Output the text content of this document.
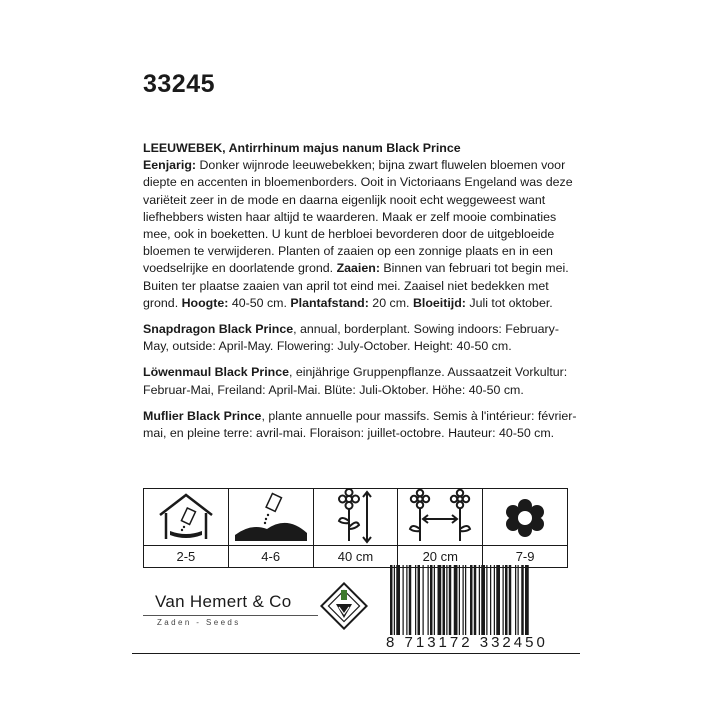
33245

LEEUWEBEK, Antirrhinum majus nanum Black Prince
Eenjarig: Donker wijnrode leeuwebekken; bijna zwart fluwelen bloemen voor diepte en accenten in bloemenborders. Ooit in Victoriaans Engeland was deze variëteit zeer in de mode en daarna eigenlijk nooit echt weggeweest want liefhebbers wisten haar altijd te waarderen. Maak er zelf mooie combinaties mee, ook in boeketten. U kunt de herbloei bevorderen door de uitgebloeide bloemen te verwijderen. Planten of zaaien op een zonnige plaats en in een voedselrijke en doorlatende grond. Zaaien: Binnen van februari tot begin mei. Buiten ter plaatse zaaien van april tot eind mei. Zaaisel niet bedekken met grond. Hoogte: 40-50 cm. Plantafstand: 20 cm. Bloeitijd: Juli tot oktober.

Snapdragon Black Prince, annual, borderplant. Sowing indoors: February-May, outside: April-May. Flowering: July-October. Height: 40-50 cm.

Löwenmaul Black Prince, einjährige Gruppenpflanze. Aussaatzeit Vorkultur: Februar-Mai, Freiland: April-Mai. Blüte: Juli-Oktober. Höhe: 40-50 cm.

Muflier Black Prince, plante annuelle pour massifs. Semis à l'intérieur: février-mai, en pleine terre: avril-mai. Floraison: juillet-octobre. Hauteur: 40-50 cm.

2-5	4-6	40 cm	20 cm	7-9
Van Hemert & Co
Zaden - Seeds
8 713172 332450
